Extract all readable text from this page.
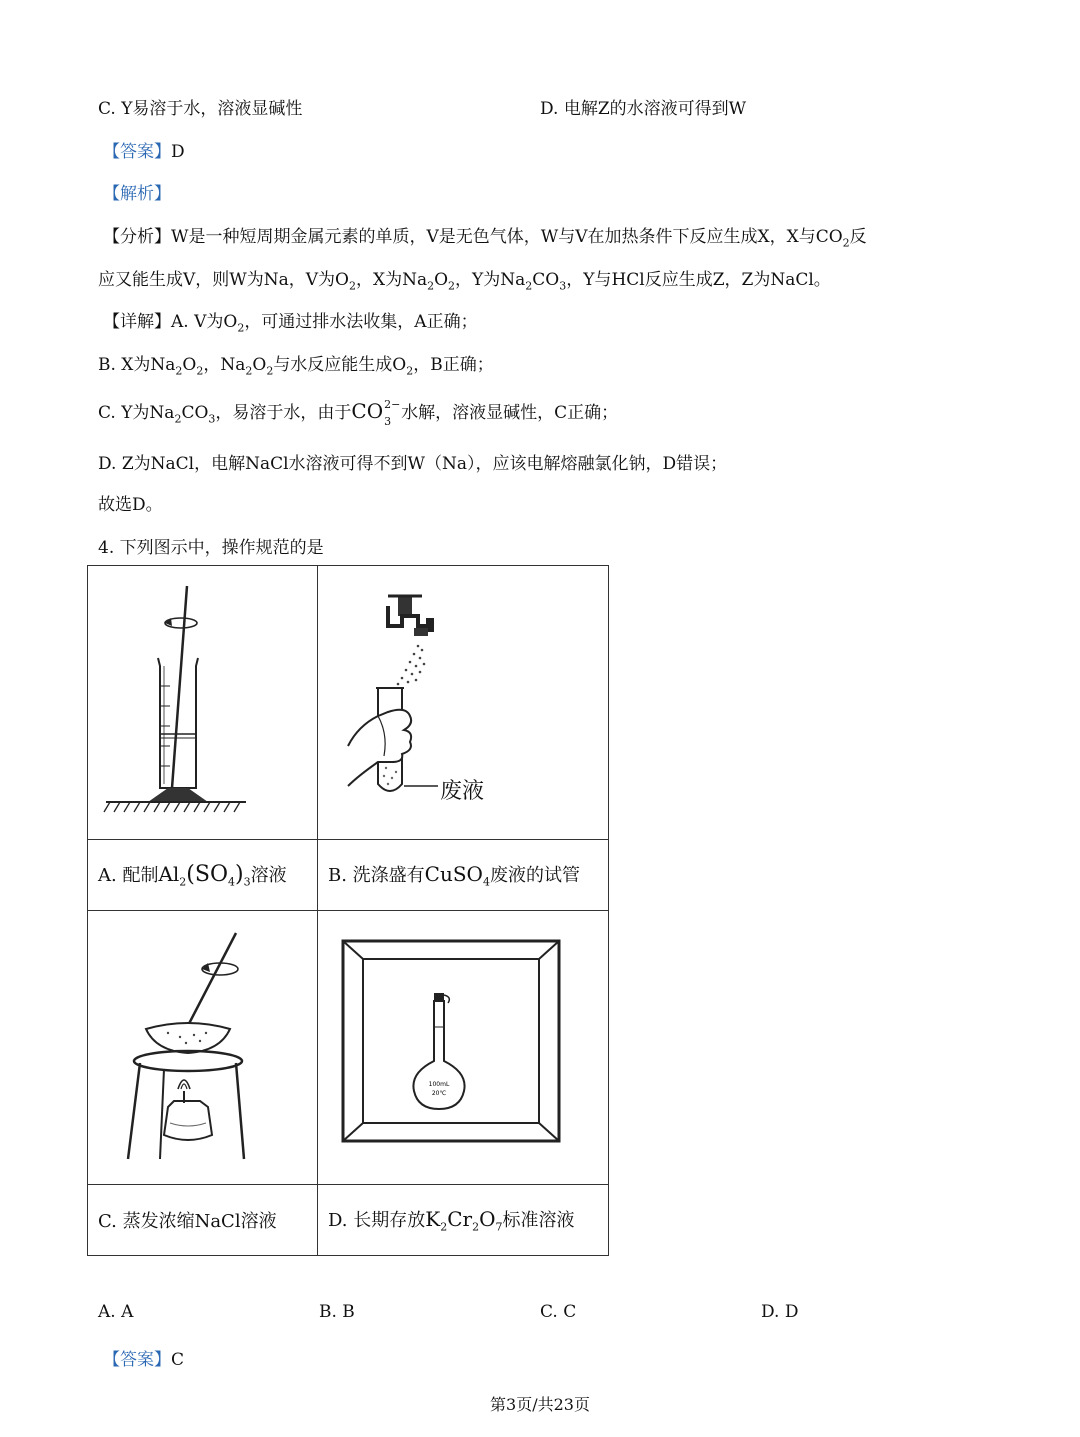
C. Y易溶于水，溶液显碱性	D. 电解Z的水溶液可得到W
【答案】D
【解析】
【分析】W是一种短周期金属元素的单质，V是无色气体，W与V在加热条件下反应生成X，X与$CO_2$反
应又能生成V，则W为Na，V为$O_2$，X为$Na_2O_2$，Y为$Na_2CO_3$，Y与HCl反应生成Z，Z为NaCl。
【详解】A. V为$O_2$，可通过排水法收集，A正确；
B. X为$Na_2O_2$，$Na_2O_2$与水反应能生成$O_2$，B正确；
C. Y为$Na_2CO_3$，易溶于水，由于CO 2−
3 水解，溶液显碱性，C正确；
D. Z为NaCl，电解NaCl水溶液可得不到W（Na），应该电解熔融氯化钠，D错误；
故选D。
4. 下列图示中，操作规范的是

废液

A. 配制$Al_2(SO_4)_3$溶液	B. 洗涤盛有CuSO$_4$废液的试管

100mL
20℃

C. 蒸发浓缩NaCl溶液	D. 长期存放$K_2Cr_2O_7$标准溶液
A. A	B. B	C. C	D. D
【答案】C
第3页/共23页
